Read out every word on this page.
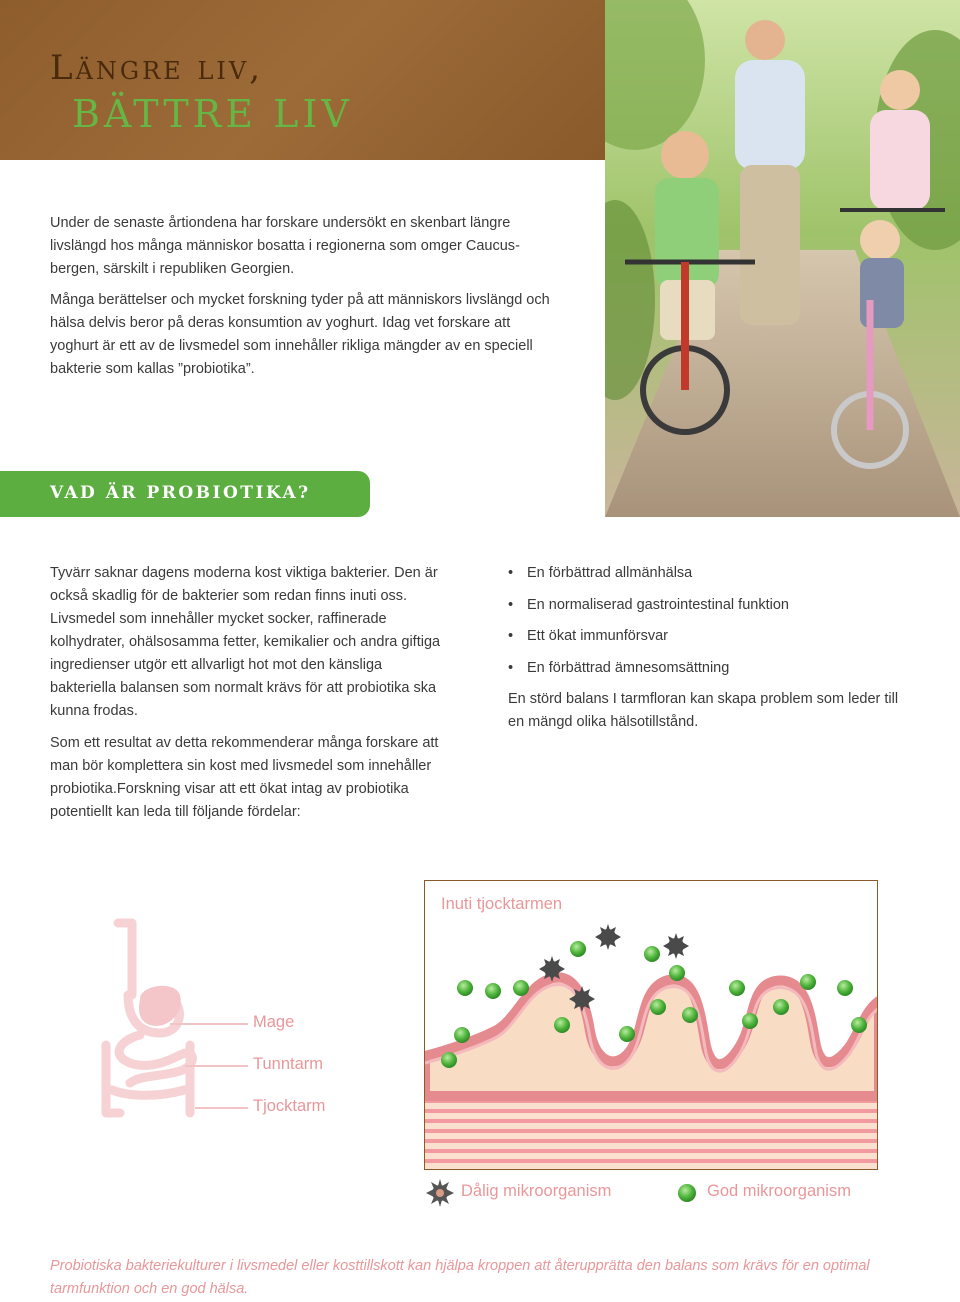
Längre liv,
BÄTTRE LIV
Under de senaste årtiondena har forskare undersökt en skenbart längre livslängd hos många människor bosatta i regionerna som omger Caucusbergen, särskilt i republiken Georgien.
Många berättelser och mycket forskning tyder på att människors livslängd och hälsa delvis beror på deras konsumtion av yoghurt. Idag vet forskare att yoghurt är ett av de livsmedel som innehåller rikliga mängder av en speciell bakterie som kallas ”probiotika”.
VAD ÄR PROBIOTIKA?
Tyvärr saknar dagens moderna kost viktiga bakterier. Den är också skadlig för de bakterier som redan finns inuti oss. Livsmedel som innehåller mycket socker, raffinerade kolhydrater, ohälsosamma fetter, kemikalier och andra giftiga ingredienser utgör ett allvarligt hot mot den känsliga bakteriella balansen som normalt krävs för att probiotika ska kunna frodas.
Som ett resultat av detta rekommenderar många forskare att man bör komplettera sin kost med livsmedel som innehåller probiotika.Forskning visar att ett ökat intag av probiotika potentiellt kan leda till följande fördelar:
• En förbättrad allmänhälsa
• En normaliserad gastrointestinal funktion
• Ett ökat immunförsvar
• En förbättrad ämnesomsättning
En störd balans I tarmfloran kan skapa problem som leder till en mängd olika hälsotillstånd.
Mage
Tunntarm
Tjocktarm
Inuti tjocktarmen
Dålig mikroorganism	God mikroorganism
Probiotiska bakteriekulturer i livsmedel eller kosttillskott kan hjälpa kroppen att återupprätta den balans som krävs för en optimal tarmfunktion och en god hälsa.
